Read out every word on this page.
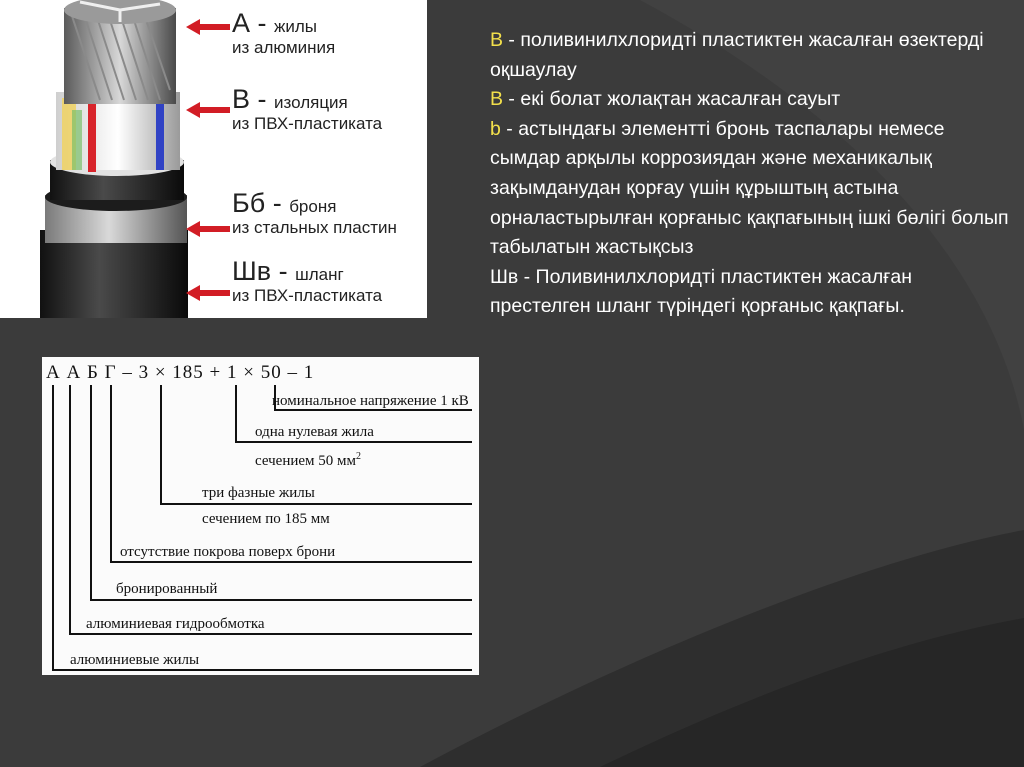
А - жилы
из алюминия
В - изоляция
из ПВХ-пластиката
Бб - броня
из стальных пластин
Шв - шланг
из ПВХ-пластиката
А А Б Г – 3 × 185 + 1 × 50 – 1
номинальное напряжение 1 кВ
одна нулевая жила
сечением 50 $мм^2$
три фазные жилы
сечением по 185 мм
отсутствие покрова поверх брони
бронированный
алюминиевая гидрообмотка
алюминиевые жилы

В - поливинилхлоридті пластиктен жасалған өзектерді оқшаулау

В - екі болат жолақтан жасалған сауыт

b - астындағы элементті бронь таспалары немесе сымдар арқылы коррозиядан және механикалық зақымданудан қорғау үшін құрыштың астына орналастырылған қорғаныс қақпағының ішкі бөлігі болып табылатын жастықсыз

Шв - Поливинилхлоридті пластиктен жасалған престелген шланг түріндегі қорғаныс қақпағы.
